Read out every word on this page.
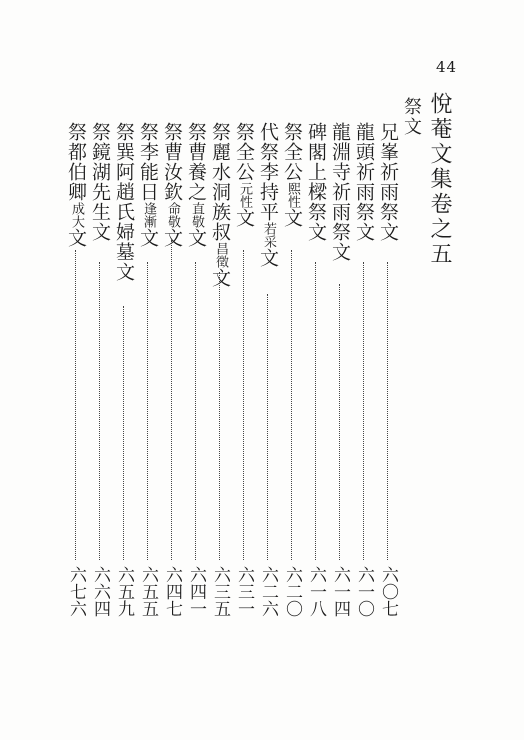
44
悅菴文集卷之五
祭文
兄峯祈雨祭文
六〇七
龍頭祈雨祭文
六一〇
龍淵寺祈雨祭文
六一四
碑閣上樑祭文
六一八
祭全公熙性文
六二〇
代祭李持平若采文
六二六
祭全公元性文
六三一
祭麗水洞族叔昌徵文
六三五
祭曹養之直敬文
六四一
祭曹汝欽命敬文
六四七
祭李能日逢漸文
六五五
祭巽阿趙氏婦墓文
六五九
祭鏡湖先生文
六六四
祭都伯卿成大文
六七六
